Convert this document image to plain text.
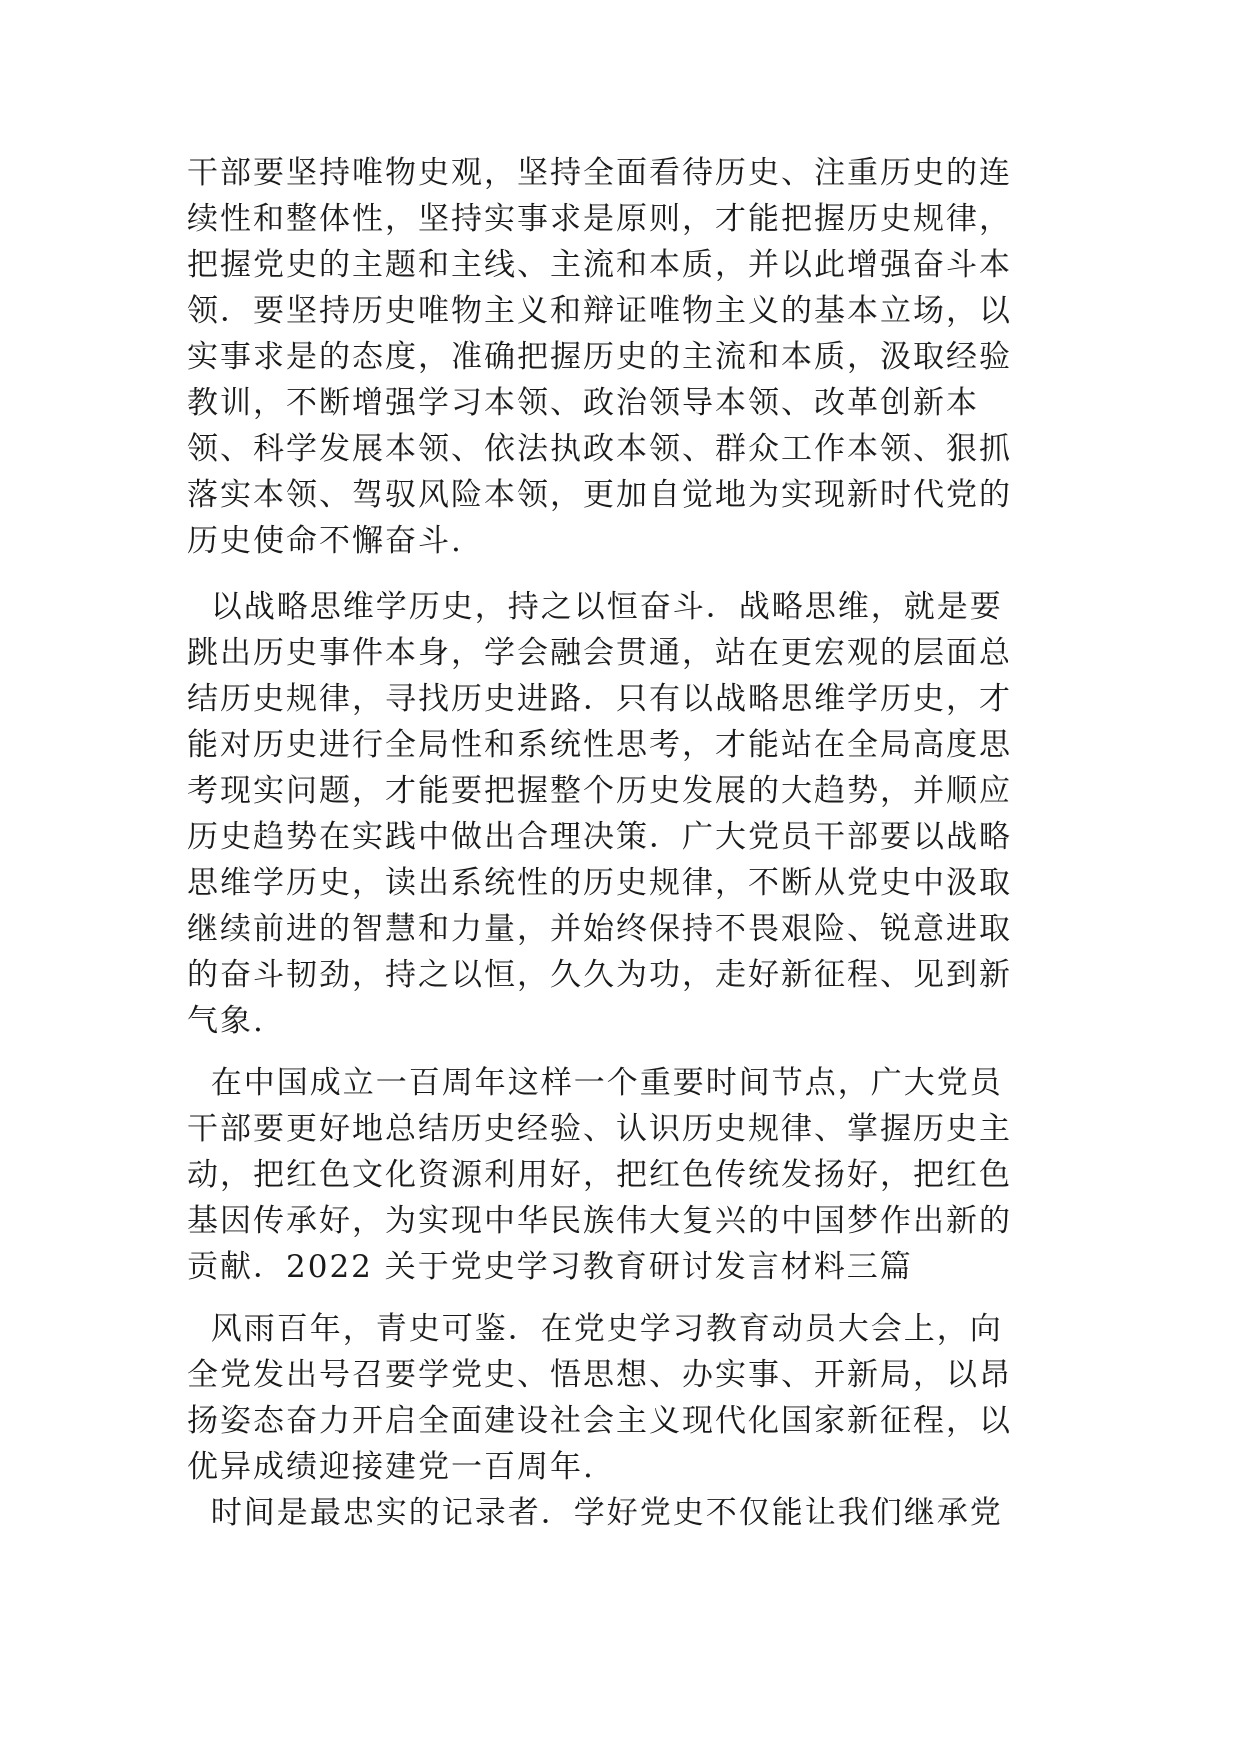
干部要坚持唯物史观，坚持全面看待历史、注重历史的连
续性和整体性，坚持实事求是原则，才能把握历史规律，
把握党史的主题和主线、主流和本质，并以此增强奋斗本
领．要坚持历史唯物主义和辩证唯物主义的基本立场，以
实事求是的态度，准确把握历史的主流和本质，汲取经验
教训，不断增强学习本领、政治领导本领、改革创新本
领、科学发展本领、依法执政本领、群众工作本领、狠抓
落实本领、驾驭风险本领，更加自觉地为实现新时代党的
历史使命不懈奋斗.
以战略思维学历史，持之以恒奋斗．战略思维，就是要
跳出历史事件本身，学会融会贯通，站在更宏观的层面总
结历史规律，寻找历史进路．只有以战略思维学历史，才
能对历史进行全局性和系统性思考，才能站在全局高度思
考现实问题，才能要把握整个历史发展的大趋势，并顺应
历史趋势在实践中做出合理决策．广大党员干部要以战略
思维学历史，读出系统性的历史规律，不断从党史中汲取
继续前进的智慧和力量，并始终保持不畏艰险、锐意进取
的奋斗韧劲，持之以恒，久久为功，走好新征程、见到新
气象.
在中国成立一百周年这样一个重要时间节点，广大党员
干部要更好地总结历史经验、认识历史规律、掌握历史主
动，把红色文化资源利用好，把红色传统发扬好，把红色
基因传承好，为实现中华民族伟大复兴的中国梦作出新的
贡献．2022 关于党史学习教育研讨发言材料三篇
风雨百年，青史可鉴．在党史学习教育动员大会上，向
全党发出号召要学党史、悟思想、办实事、开新局，以昂
扬姿态奋力开启全面建设社会主义现代化国家新征程，以
优异成绩迎接建党一百周年.
时间是最忠实的记录者．学好党史不仅能让我们继承党
